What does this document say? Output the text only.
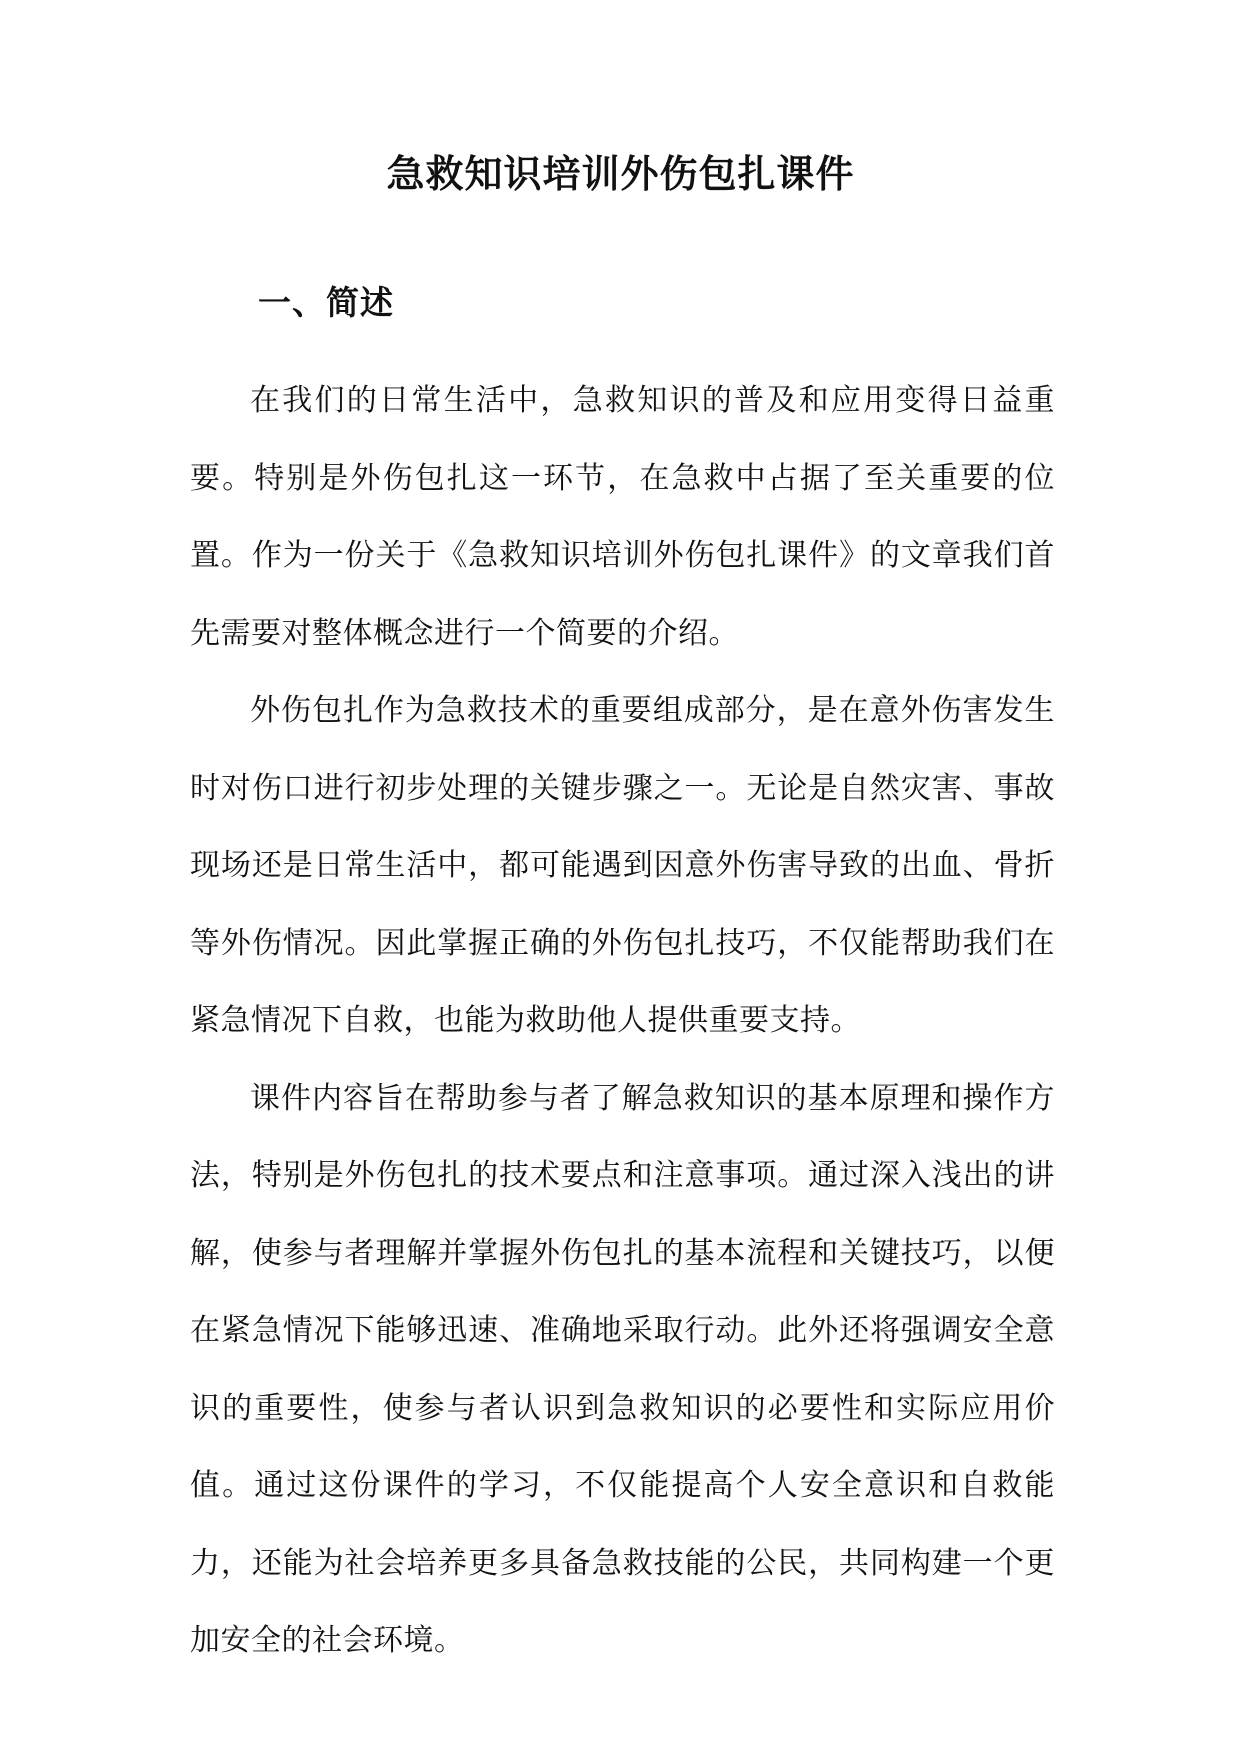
急救知识培训外伤包扎课件
一、简述

在我们的日常生活中，急救知识的普及和应用变得日益重要。特别是外伤包扎这一环节，在急救中占据了至关重要的位置。作为一份关于《急救知识培训外伤包扎课件》的文章我们首先需要对整体概念进行一个简要的介绍。

外伤包扎作为急救技术的重要组成部分，是在意外伤害发生时对伤口进行初步处理的关键步骤之一。无论是自然灾害、事故现场还是日常生活中，都可能遇到因意外伤害导致的出血、骨折等外伤情况。因此掌握正确的外伤包扎技巧，不仅能帮助我们在紧急情况下自救，也能为救助他人提供重要支持。

课件内容旨在帮助参与者了解急救知识的基本原理和操作方法，特别是外伤包扎的技术要点和注意事项。通过深入浅出的讲解，使参与者理解并掌握外伤包扎的基本流程和关键技巧，以便在紧急情况下能够迅速、准确地采取行动。此外还将强调安全意识的重要性，使参与者认识到急救知识的必要性和实际应用价值。通过这份课件的学习，不仅能提高个人安全意识和自救能力，还能为社会培养更多具备急救技能的公民，共同构建一个更加安全的社会环境。
